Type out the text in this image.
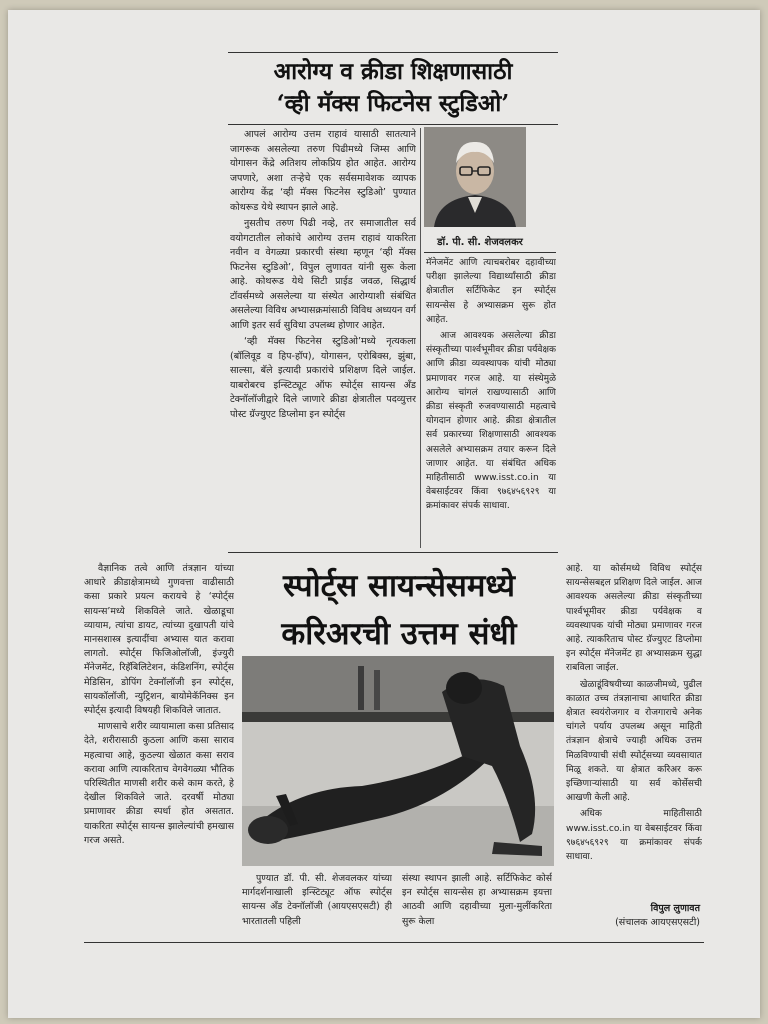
आरोग्य व क्रीडा शिक्षणासाठी
‘व्ही मॅक्स फिटनेस स्टुडिओ’

आपलं आरोग्य उत्तम राहावं यासाठी सातत्याने जागरूक असलेल्या तरुण पिढीमध्ये जिम्स आणि योगासन केंद्रे अतिशय लोकप्रिय होत आहेत. आरोग्य जपणारे, अशा तऱ्हेचे एक सर्वसमावेशक व्यापक आरोग्य केंद्र ‘व्ही मॅक्स फिटनेस स्टुडिओ’ पुण्यात कोथरूड येथे स्थापन झाले आहे.

नुसतीच तरुण पिढी नव्हे, तर समाजातील सर्व वयोगटातील लोकांचे आरोग्य उत्तम राहावं याकरिता नवीन व वेगळ्या प्रकारची संस्था म्हणून ‘व्ही मॅक्स फिटनेस स्टुडिओ’, विपुल लुणावत यांनी सुरू केला आहे. कोथरूड येथे सिटी प्राईड जवळ, सिद्धार्थ टॉवर्समध्ये असलेल्या या संस्थेत आरोग्याशी संबंधित असलेल्या विविध अभ्यासक्रमांसाठी विविध अध्ययन वर्ग आणि इतर सर्व सुविधा उपलब्ध होणार आहेत.

‘व्ही मॅक्स फिटनेस स्टुडिओ’मध्ये नृत्यकला (बॉलिवूड व हिप-हॉप), योगासन, एरोबिक्स, झुंबा, साल्सा, बॅले इत्यादी प्रकारांचे प्रशिक्षण दिले जाईल. याबरोबरच इन्स्टिट्यूट ऑफ स्पोर्ट्स सायन्स अँड टेक्नॉलॉजीद्वारे दिले जाणारे क्रीडा क्षेत्रातील पदव्युत्तर पोस्ट ग्रॅज्युएट डिप्लोमा इन स्पोर्ट्स

डॉ. पी. सी. शेजवलकर

मॅनेजमेंट आणि त्याचबरोबर दहावीच्या परीक्षा झालेल्या विद्यार्थ्यांसाठी क्रीडा क्षेत्रातील सर्टिफिकेट इन स्पोर्ट्स सायन्सेस हे अभ्यासक्रम सुरू होत आहेत.

आज आवश्यक असलेल्या क्रीडा संस्कृतीच्या पार्श्वभूमीवर क्रीडा पर्यवेक्षक आणि क्रीडा व्यवस्थापक यांची मोठ्या प्रमाणावर गरज आहे. या संस्थेमुळे आरोग्य चांगलं राखण्यासाठी आणि क्रीडा संस्कृती रुजवण्यासाठी महत्वाचे योगदान होणार आहे. क्रीडा क्षेत्रातील सर्व प्रकारच्या शिक्षणासाठी आवश्यक असलेले अभ्यासक्रम तयार करून दिले जाणार आहेत. या संबंधित अधिक माहितीसाठी www.isst.co.in या वेबसाईटवर किंवा ९७६४५६९२९ या क्रमांकावर संपर्क साधावा.

वैज्ञानिक तत्वे आणि तंत्रज्ञान यांच्या आधारे क्रीडाक्षेत्रामध्ये गुणवत्ता वाढीसाठी कसा प्रकारे प्रयत्न करायचे हे ‘स्पोर्ट्स सायन्स’मध्ये शिकविले जाते. खेळाडूचा व्यायाम, त्यांचा डायट, त्यांच्या दुखापती यांचे मानसशास्त्र इत्यादींचा अभ्यास यात करावा लागतो. स्पोर्ट्स फिजिओलॉजी, इंज्युरी मॅनेजमेंट, रिहॅबिलिटेशन, कंडिशनिंग, स्पोर्ट्स मेडिसिन, डोपिंग टेक्नॉलॉजी इन स्पोर्ट्स, सायकॉलॉजी, न्युट्रिशन, बायोमेकॅनिक्स इन स्पोर्ट्स इत्यादी विषयही शिकविले जातात.

माणसाचे शरीर व्यायामाला कसा प्रतिसाद देते, शरीरासाठी कुठला आणि कसा साराव महत्वाचा आहे, कुठल्या खेळात कसा सराव करावा आणि त्याकरिताच वेगवेगळ्या भौतिक परिस्थितीत माणसी शरीर कसे काम करते, हे देखील शिकविले जाते. दरवर्षी मोठ्या प्रमाणावर क्रीडा स्पर्धा होत असतात. याकरिता स्पोर्ट्स सायन्स झालेल्यांची हमखास गरज असते.

स्पोर्ट्स सायन्सेसमध्ये
करिअरची उत्तम संधी

पुण्यात डॉ. पी. सी. शेजवलकर यांच्या मार्गदर्शनाखाली इन्स्टिट्यूट ऑफ स्पोर्ट्स सायन्स अँड टेक्नॉलॉजी (आयएसएसटी) ही भारतातली पहिली

संस्था स्थापन झाली आहे. सर्टिफिकेट कोर्स इन स्पोर्ट्स सायन्सेस हा अभ्यासक्रम इयत्ता आठवी आणि दहावीच्या मुला-मुलींकरिता सुरू केला

आहे. या कोर्समध्ये विविध स्पोर्ट्स सायन्सेसबद्दल प्रशिक्षण दिले जाईल. आज आवश्यक असलेल्या क्रीडा संस्कृतीच्या पार्श्वभूमीवर क्रीडा पर्यवेक्षक व व्यवस्थापक यांची मोठ्या प्रमाणावर गरज आहे. त्याकरिताच पोस्ट ग्रॅज्युएट डिप्लोमा इन स्पोर्ट्स मॅनेजमेंट हा अभ्यासक्रम सुद्धा राबविला जाईल.

खेळाडूंविषयीच्या काळजीमध्ये, पुढील काळात उच्च तंत्रज्ञानाचा आधारित क्रीडा क्षेत्रात स्वयंरोजगार व रोजगाराचे अनेक चांगले पर्याय उपलब्ध असून माहिती तंत्रज्ञान क्षेत्राचे ज्याही अधिक उत्तम मिळविण्याची संधी स्पोर्ट्सच्या व्यवसायात मिळू शकते. या क्षेत्रात करिअर करू इच्छिणाऱ्यांसाठी या सर्व कोर्सेसची आखणी केली आहे.

अधिक माहितीसाठी www.isst.co.in या वेबसाईटवर किंवा ९७६४५६९२९ या क्रमांकावर संपर्क साधावा.

विपुल लुणावत
(संचालक आयएसएसटी)
